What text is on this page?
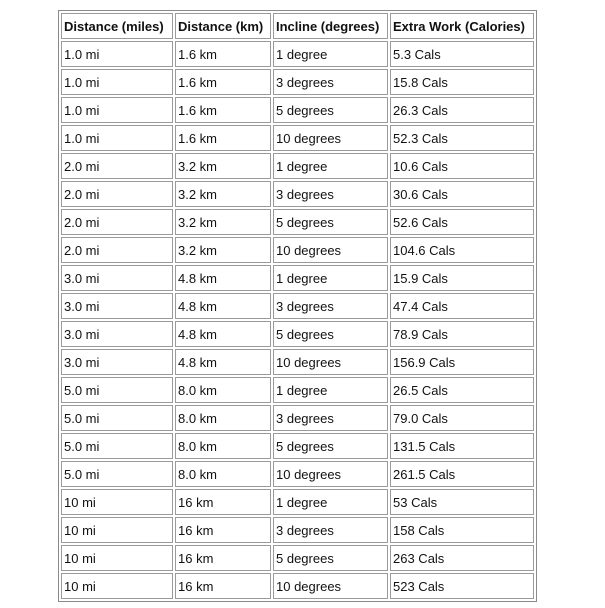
Distance (miles)	Distance (km)	Incline (degrees)	Extra Work (Calories)
1.0 mi	1.6 km	1 degree	5.3 Cals
1.0 mi	1.6 km	3 degrees	15.8 Cals
1.0 mi	1.6 km	5 degrees	26.3 Cals
1.0 mi	1.6 km	10 degrees	52.3 Cals
2.0 mi	3.2 km	1 degree	10.6 Cals
2.0 mi	3.2 km	3 degrees	30.6 Cals
2.0 mi	3.2 km	5 degrees	52.6 Cals
2.0 mi	3.2 km	10 degrees	104.6 Cals
3.0 mi	4.8 km	1 degree	15.9 Cals
3.0 mi	4.8 km	3 degrees	47.4 Cals
3.0 mi	4.8 km	5 degrees	78.9 Cals
3.0 mi	4.8 km	10 degrees	156.9 Cals
5.0 mi	8.0 km	1 degree	26.5 Cals
5.0 mi	8.0 km	3 degrees	79.0 Cals
5.0 mi	8.0 km	5 degrees	131.5 Cals
5.0 mi	8.0 km	10 degrees	261.5 Cals
10 mi	16 km	1 degree	53 Cals
10 mi	16 km	3 degrees	158 Cals
10 mi	16 km	5 degrees	263 Cals
10 mi	16 km	10 degrees	523 Cals
